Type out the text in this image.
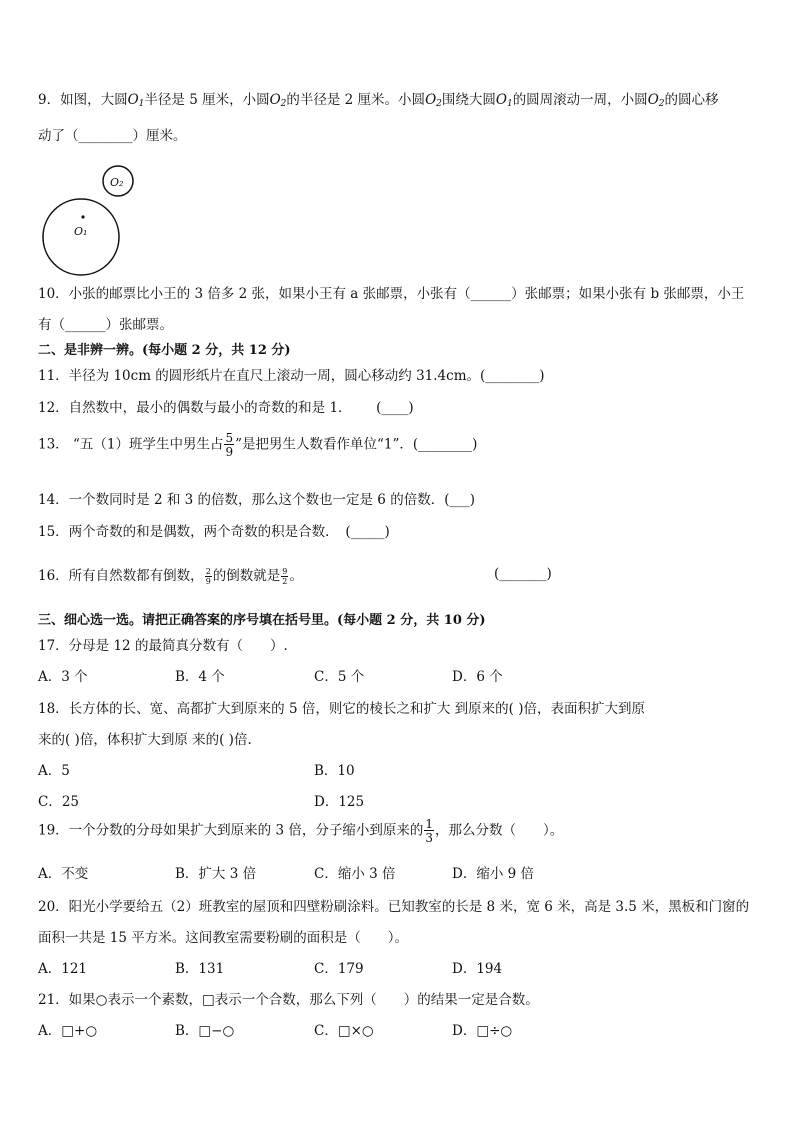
9．如图，大圆$O_1$半径是 5 厘米，小圆$O_2$的半径是 2 厘米。小圆$O_2$围绕大圆$O_1$的圆周滚动一周，小圆$O_2$的圆心移
动了（________）厘米。
O₁
O₂
10．小张的邮票比小王的 3 倍多 2 张，如果小王有 a 张邮票，小张有（______）张邮票；如果小张有 b 张邮票，小王
有（______）张邮票。
二、是非辨一辨。(每小题 2 分，共 12 分)
11．半径为 10cm 的圆形纸片在直尺上滚动一周，圆心移动约 31.4cm。(________)
12．自然数中，最小的偶数与最小的奇数的和是 1．　　 (____)
13． “五（1）班学生中男生占 $\frac{5}{9}$ ”是把男生人数看作单位“1”．(________)
14．一个数同时是 2 和 3 的倍数，那么这个数也一定是 6 的倍数．(___)
15．两个奇数的和是偶数，两个奇数的积是合数．　(_____)
16．所有自然数都有倒数， $\frac{2}{9}$ 的倒数就是 $\frac{9}{2}$ 。	(_______)
三、细心选一选。请把正确答案的序号填在括号里。(每小题 2 分，共 10 分)
17．分母是 12 的最简真分数有（　　）.
A．3 个	B．4 个	C．5 个	D．6 个
18．长方体的长、宽、高都扩大到原来的 5 倍，则它的棱长之和扩大 到原来的( )倍，表面积扩大到原
来的( )倍，体积扩大到原 来的( )倍.
A．5	B．10
C．25	D．125
19．一个分数的分母如果扩大到原来的 3 倍，分子缩小到原来的 $\frac{1}{3}$ ，那么分数（　　）。
A．不变	B．扩大 3 倍	C．缩小 3 倍	D．缩小 9 倍
20．阳光小学要给五（2）班教室的屋顶和四壁粉刷涂料。已知教室的长是 8 米，宽 6 米，高是 3.5 米，黑板和门窗的
面积一共是 15 平方米。这间教室需要粉刷的面积是（　　）。
A．121	B．131	C．179	D．194
21．如果○表示一个素数，□表示一个合数，那么下列（　　）的结果一定是合数。
A．□+○	B．□−○	C．□×○	D．□÷○
